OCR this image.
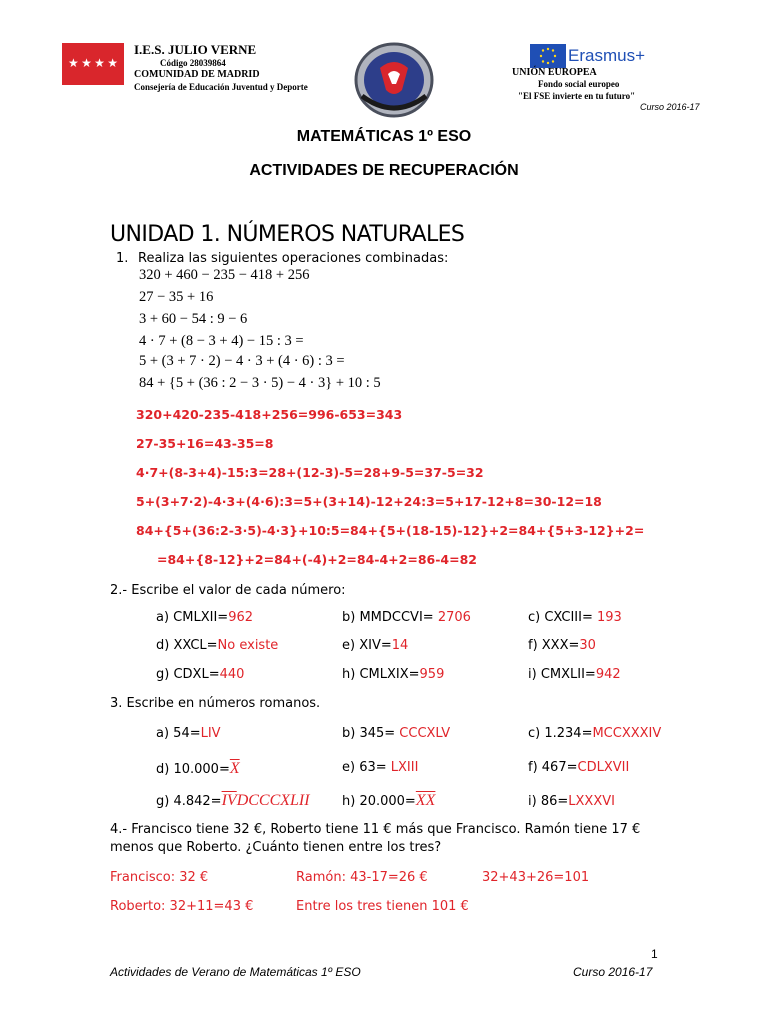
★ ★ ★ ★
I.E.S. JULIO VERNE
Código 28039864
COMUNIDAD DE MADRID
Consejería de Educación Juventud y Deporte
Erasmus+
UNIÓN EUROPEA
Fondo social europeo
"El FSE invierte en tu futuro"
Curso 2016-17
MATEMÁTICAS 1º ESO
ACTIVIDADES DE RECUPERACIÓN
UNIDAD 1. NÚMEROS NATURALES
1. Realiza las siguientes operaciones combinadas:
320 + 460 − 235 − 418 + 256
27 − 35 + 16
3 + 60 − 54 : 9 − 6
4 · 7 + (8 − 3 + 4) − 15 : 3 =
5 + (3 + 7 · 2) − 4 · 3 + (4 · 6) : 3 =
84 + {5 + (36 : 2 − 3 · 5) − 4 · 3} + 10 : 5
320+420-235-418+256=996-653=343
27-35+16=43-35=8
4·7+(8-3+4)-15:3=28+(12-3)-5=28+9-5=37-5=32
5+(3+7·2)-4·3+(4·6):3=5+(3+14)-12+24:3=5+17-12+8=30-12=18
84+{5+(36:2-3·5)-4·3}+10:5=84+{5+(18-15)-12}+2=84+{5+3-12}+2=
=84+{8-12}+2=84+(-4)+2=84-4+2=86-4=82
2.- Escribe el valor de cada número:
a) CMLXII=962	b) MMDCCVI= 2706	c) CXCIII= 193
d) XXCL=No existe	e) XIV=14	f) XXX=30
g) CDXL=440	h) CMLXIX=959	i) CMXLII=942
3. Escribe en números romanos.
a) 54=LIV	b) 345= CCCXLV	c) 1.234=MCCXXXIV
d) $10.000=\overline{X}$	e) 63= LXIII	f) 467=CDLXVII
g) $4.842=\overline{IV}DCCCXLII$ h) $20.000=\overline{XX}$	i) 86=LXXXVI
4.- Francisco tiene 32 €, Roberto tiene 11 € más que Francisco. Ramón tiene 17 €
menos que Roberto. ¿Cuánto tienen entre los tres?
Francisco: 32 €	Ramón: 43-17=26 €	32+43+26=101
Roberto: 32+11=43 €	Entre los tres tienen 101 €
1
Actividades de Verano de Matemáticas 1º ESO	Curso 2016-17
